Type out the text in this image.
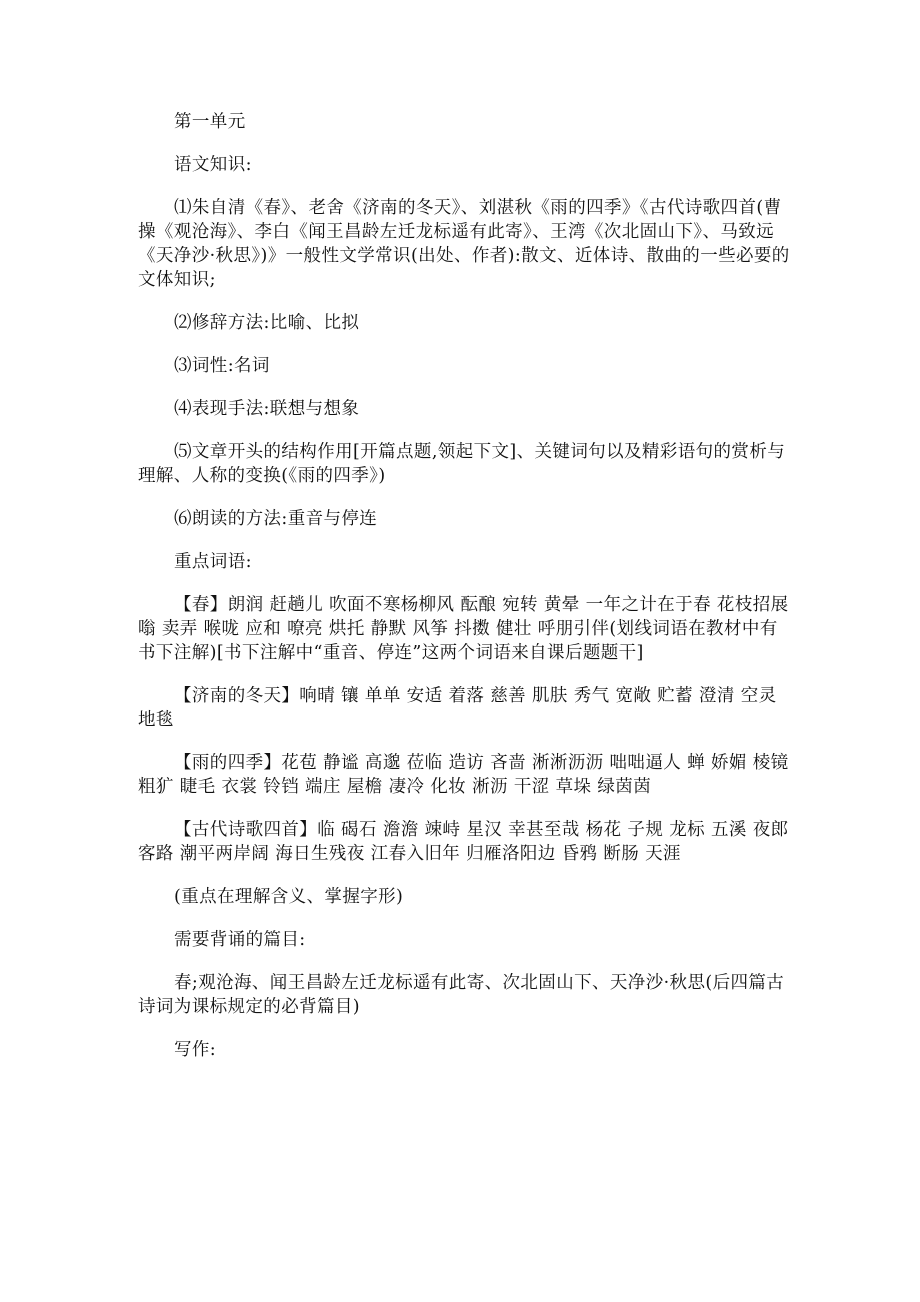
第一单元

语文知识:

⑴朱自清《春》、老舍《济南的冬天》、刘湛秋《雨的四季》《古代诗歌四首(曹操《观沧海》、李白《闻王昌龄左迁龙标遥有此寄》、王湾《次北固山下》、马致远《天净沙·秋思》)》一般性文学常识(出处、作者):散文、近体诗、散曲的一些必要的文体知识;

⑵修辞方法:比喻、比拟

⑶词性:名词

⑷表现手法:联想与想象

⑸文章开头的结构作用[开篇点题,领起下文]、关键词句以及精彩语句的赏析与理解、人称的变换(《雨的四季》)

⑹朗读的方法:重音与停连

重点词语:

【春】朗润 赶趟儿 吹面不寒杨柳风 酝酿 宛转 黄晕 一年之计在于春 花枝招展 嗡 卖弄 喉咙 应和 嘹亮 烘托 静默 风筝 抖擞 健壮 呼朋引伴(划线词语在教材中有书下注解)[书下注解中“重音、停连”这两个词语来自课后题题干]

【济南的冬天】响晴 镶 单单 安适 着落 慈善 肌肤 秀气 宽敞 贮蓄 澄清 空灵 地毯

【雨的四季】花苞 静谧 高邈 莅临 造访 吝啬 淅淅沥沥 咄咄逼人 蝉 娇媚 棱镜 粗犷 睫毛 衣裳 铃铛 端庄 屋檐 凄冷 化妆 淅沥 干涩 草垛 绿茵茵

【古代诗歌四首】临 碣石 澹澹 竦峙 星汉 幸甚至哉 杨花 子规 龙标 五溪 夜郎 客路 潮平两岸阔 海日生残夜 江春入旧年 归雁洛阳边 昏鸦 断肠 天涯

(重点在理解含义、掌握字形)

需要背诵的篇目:

春;观沧海、闻王昌龄左迁龙标遥有此寄、次北固山下、天净沙·秋思(后四篇古诗词为课标规定的必背篇目)

写作:
